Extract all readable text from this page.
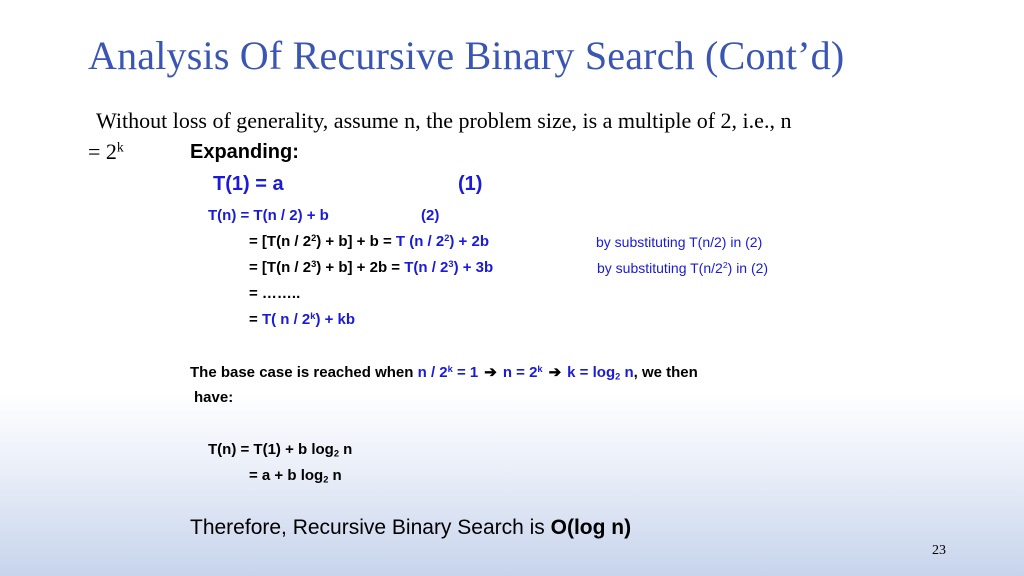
Analysis Of Recursive Binary Search (Cont’d)
Without loss of generality, assume n, the problem size, is a multiple of 2, i.e., n
= $2^k$	Expanding:
T(1) = a	(1)
T(n) = T(n / 2) + b	(2)
= $[T(n / 2^2) + b] + b = T$ $(n / 2^2) + 2b$	by substituting T(n/2) in (2)
= $[T(n / 2^3) + b] + 2b = T(n / 2^3) + 3b$	by substituting $T(n/2^2)$ in (2)
= ……..
= T( n / $2^k$) + kb
The base case is reached when $n / 2^k = 1$ ➔ $n = 2^k$ ➔ $k = \log_2 n$, we then
have:
T(n) = T(1) + b $\log_2 n$
= a + b $\log_2 n$
Therefore, Recursive Binary Search is O(log n)
23
